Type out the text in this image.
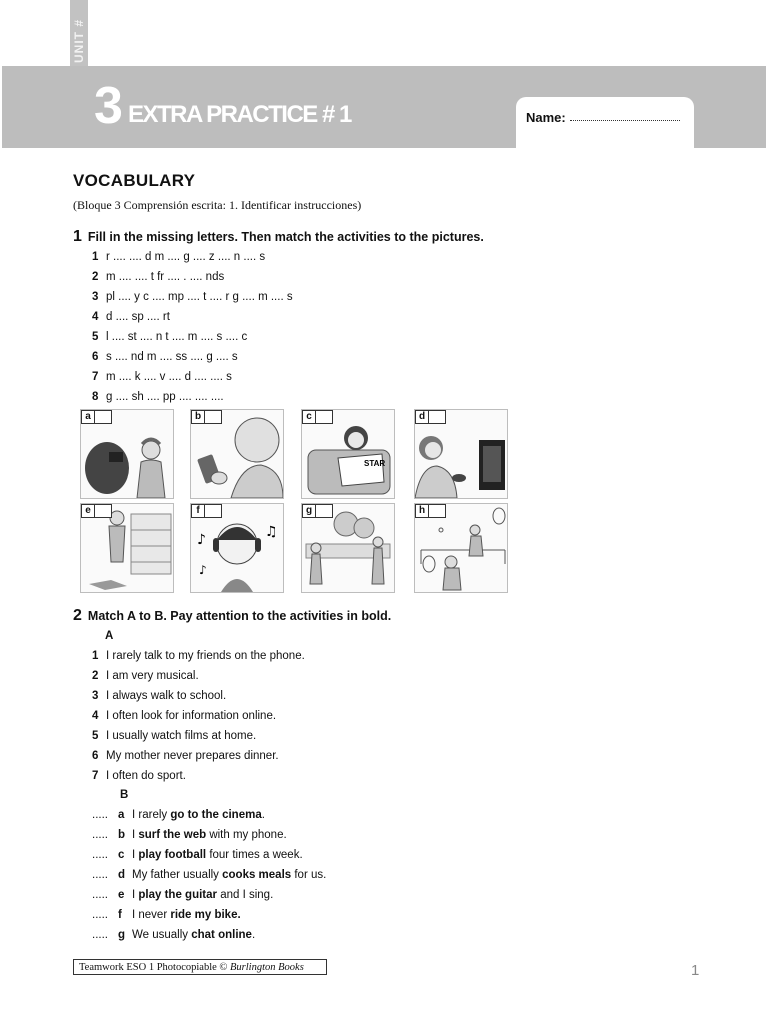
UNIT #
3 EXTRA PRACTICE # 1	Name:
VOCABULARY
(Bloque 3 Comprensión escrita: 1. Identificar instrucciones)
1 Fill in the missing letters. Then match the activities to the pictures.
1 r .... .... d m .... g .... z .... n .... s
2 m .... .... t fr .... . .... nds
3 pl .... y c .... mp .... t .... r g .... m .... s
4 d .... sp .... rt
5 l .... st .... n t .... m .... s .... c
6 s .... nd m .... ss .... g .... s
7 m .... k .... v .... d .... .... s
8 g .... sh .... pp .... .... ....
a	b
STAR
c	d
e
♪	♫
♪
f	g	h
2 Match A to B. Pay attention to the activities in bold.
A
1 I rarely talk to my friends on the phone.
2 I am very musical.
3 I always walk to school.
4 I often look for information online.
5 I usually watch films at home.
6 My mother never prepares dinner.
7 I often do sport.
B
..... a I rarely go to the cinema.
..... b I surf the web with my phone.
..... c I play football four times a week.
..... d My father usually cooks meals for us.
..... e I play the guitar and I sing.
..... f I never ride my bike.
..... g We usually chat online.
Teamwork ESO 1 Photocopiable © Burlington Books	1
